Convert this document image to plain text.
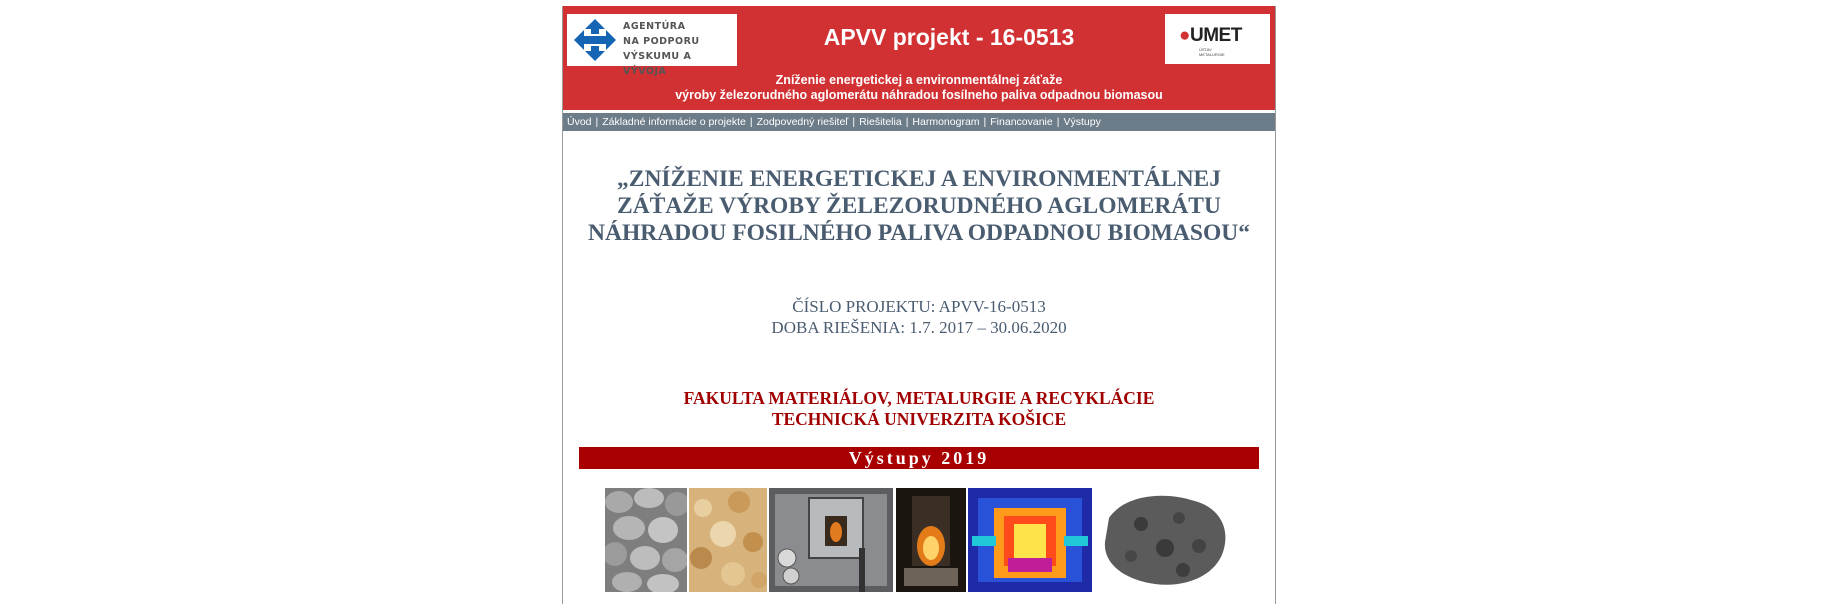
AGENTÚRA
NA PODPORU
VÝSKUMU A VÝVOJA
APVV projekt - 16-0513	●UMET
ÚSTAV
METALURGIE
Zníženie energetickej a environmentálnej záťaže
výroby železorudného aglomerátu náhradou fosílneho paliva odpadnou biomasou
Úvod | Základné informácie o projekte | Zodpovedný riešiteľ | Riešitelia | Harmonogram | Financovanie | Výstupy
„ZNÍŽENIE ENERGETICKEJ A ENVIRONMENTÁLNEJ
ZÁŤAŽE VÝROBY ŽELEZORUDNÉHO AGLOMERÁTU
NÁHRADOU FOSILNÉHO PALIVA ODPADNOU BIOMASOU“
ČÍSLO PROJEKTU: APVV-16-0513
DOBA RIEŠENIA: 1.7. 2017 – 30.06.2020
FAKULTA MATERIÁLOV, METALURGIE A RECYKLÁCIE
TECHNICKÁ UNIVERZITA KOŠICE
Výstupy 2019
